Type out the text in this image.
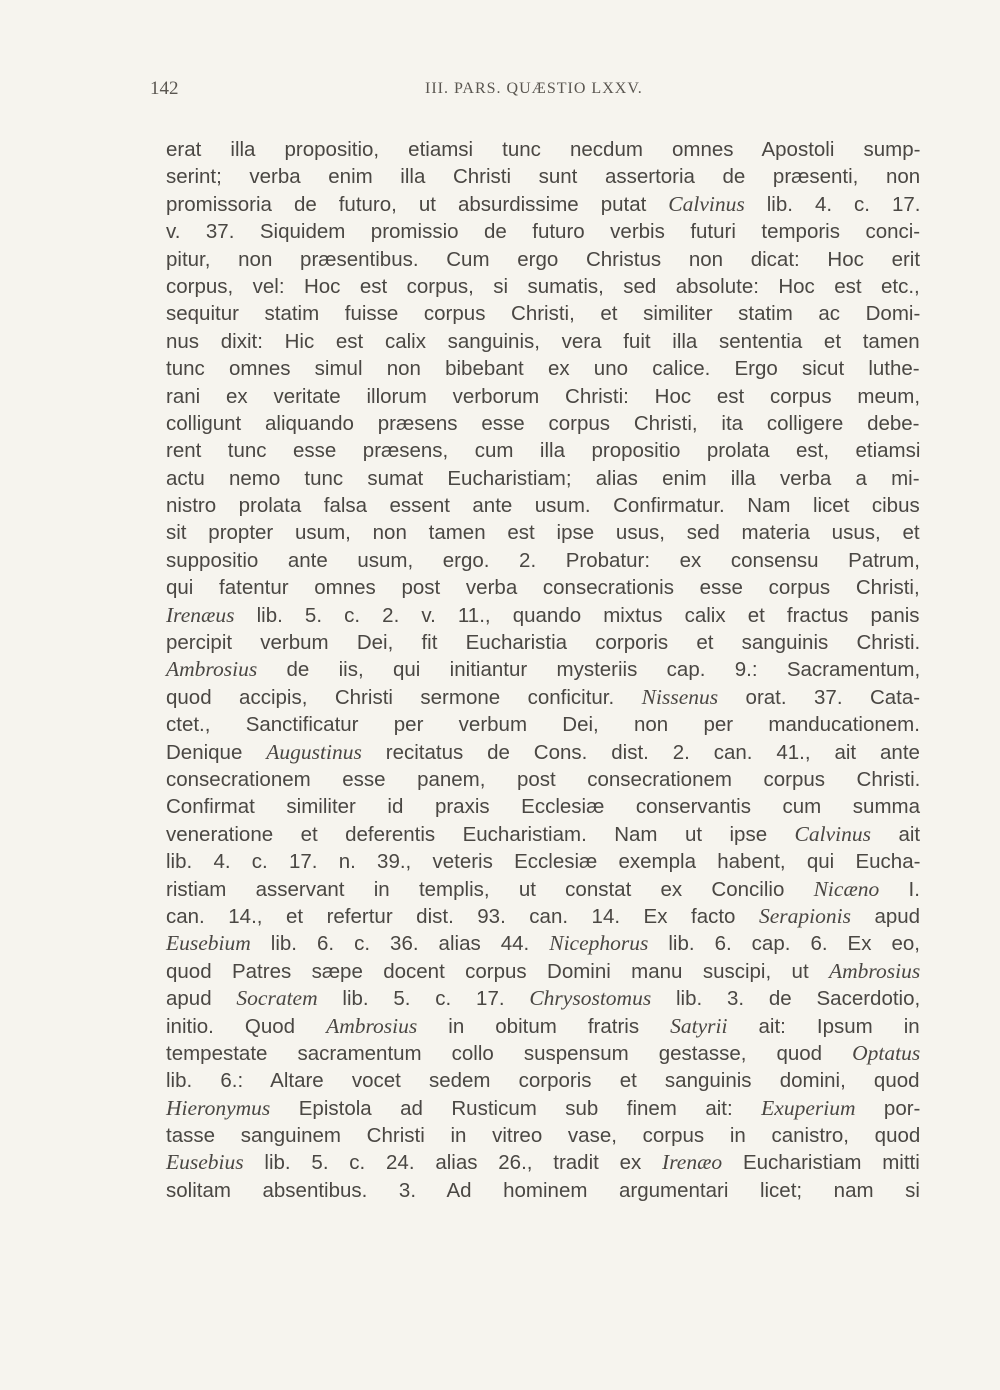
142	III. PARS. QUÆSTIO LXXV.
erat illa propositio, etiamsi tunc necdum omnes Apostoli sump-
serint; verba enim illa Christi sunt assertoria de præsenti, non
promissoria de futuro, ut absurdissime putat Calvinus lib. 4. c. 17.
v. 37. Siquidem promissio de futuro verbis futuri temporis conci-
pitur, non præsentibus. Cum ergo Christus non dicat: Hoc erit
corpus, vel: Hoc est corpus, si sumatis, sed absolute: Hoc est etc.,
sequitur statim fuisse corpus Christi, et similiter statim ac Domi-
nus dixit: Hic est calix sanguinis, vera fuit illa sententia et tamen
tunc omnes simul non bibebant ex uno calice. Ergo sicut luthe-
rani ex veritate illorum verborum Christi: Hoc est corpus meum,
colligunt aliquando præsens esse corpus Christi, ita colligere debe-
rent tunc esse præsens, cum illa propositio prolata est, etiamsi
actu nemo tunc sumat Eucharistiam; alias enim illa verba a mi-
nistro prolata falsa essent ante usum. Confirmatur. Nam licet cibus
sit propter usum, non tamen est ipse usus, sed materia usus, et
suppositio ante usum, ergo. 2. Probatur: ex consensu Patrum,
qui fatentur omnes post verba consecrationis esse corpus Christi,
Irenæus lib. 5. c. 2. v. 11., quando mixtus calix et fractus panis
percipit verbum Dei, fit Eucharistia corporis et sanguinis Christi.
Ambrosius de iis, qui initiantur mysteriis cap. 9.: Sacramentum,
quod accipis, Christi sermone conficitur. Nissenus orat. 37. Cata-
ctet., Sanctificatur per verbum Dei, non per manducationem.
Denique Augustinus recitatus de Cons. dist. 2. can. 41., ait ante
consecrationem esse panem, post consecrationem corpus Christi.
Confirmat similiter id praxis Ecclesiæ conservantis cum summa
veneratione et deferentis Eucharistiam. Nam ut ipse Calvinus ait
lib. 4. c. 17. n. 39., veteris Ecclesiæ exempla habent, qui Eucha-
ristiam asservant in templis, ut constat ex Concilio Nicæno I.
can. 14., et refertur dist. 93. can. 14. Ex facto Serapionis apud
Eusebium lib. 6. c. 36. alias 44. Nicephorus lib. 6. cap. 6. Ex eo,
quod Patres sæpe docent corpus Domini manu suscipi, ut Ambrosius
apud Socratem lib. 5. c. 17. Chrysostomus lib. 3. de Sacerdotio,
initio. Quod Ambrosius in obitum fratris Satyrii ait: Ipsum in
tempestate sacramentum collo suspensum gestasse, quod Optatus
lib. 6.: Altare vocet sedem corporis et sanguinis domini, quod
Hieronymus Epistola ad Rusticum sub finem ait: Exuperium por-
tasse sanguinem Christi in vitreo vase, corpus in canistro, quod
Eusebius lib. 5. c. 24. alias 26., tradit ex Irenæo Eucharistiam mitti
solitam absentibus. 3. Ad hominem argumentari licet; nam si
